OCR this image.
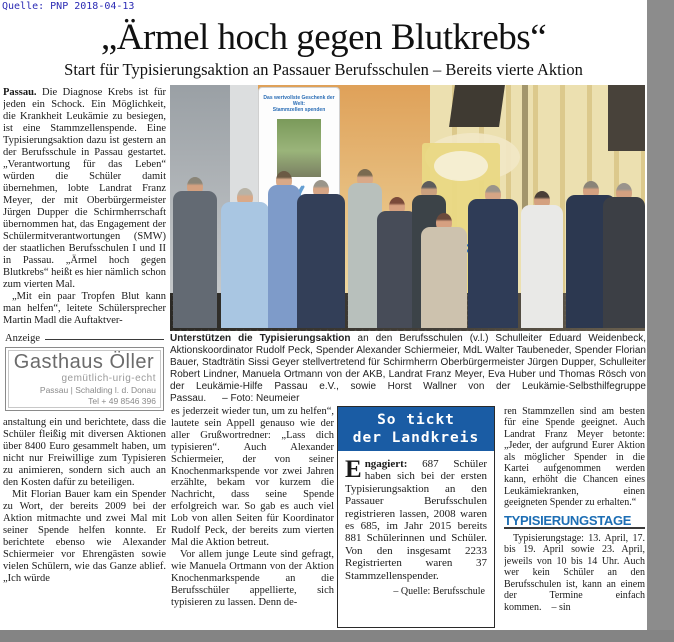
Quelle: PNP 2018-04-13
„Ärmel hoch gegen Blutkrebs“
Start für Typisierungsaktion an Passauer Berufsschulen – Bereits vierte Aktion

Passau. Die Diagnose Krebs ist für jeden ein Schock. Ein Möglichkeit, die Krankheit Leukämie zu besiegen, ist eine Stammzellenspende. Eine Typisierungsaktion dazu ist gestern an der Berufsschule in Passau gestartet. „Verantwortung für das Leben“ würden die Schüler damit übernehmen, lobte Landrat Franz Meyer, der mit Oberbürgermeister Jürgen Dupper die Schirmherrschaft übernommen hat, das Engagement der Schülermitverantwortungen (SMW) der staatlichen Berufsschulen I und II in Passau. „Ärmel hoch gegen Blutkrebs“ heißt es hier nämlich schon zum vierten Mal.

„Mit ein paar Tropfen Blut kann man helfen“, leitete Schülersprecher Martin Madl die Auftaktver-

Anzeige
Gasthaus Öller
gemütlich-urig-echt
Passau | Schalding l. d. Donau
Tel + 49 8546 396

anstaltung ein und berichtete, dass die Schüler fleißig mit diversen Aktionen über 8400 Euro gesammelt haben, um nicht nur Freiwillige zum Typisieren zu animieren, sondern sich auch an den Kosten dafür zu beteiligen.

Mit Florian Bauer kam ein Spender zu Wort, der bereits 2009 bei der Aktion mitmachte und zwei Mal mit seiner Spende helfen konnte. Er berichtete ebenso wie Alexander Schiermeier vor Ehrengästen sowie vielen Schülern, wie das Ganze ablief. „Ich würde

Das wertvollste Geschenk der Welt:
Stammzellen spenden
Unterstützen die Typisierungsaktion an den Berufsschulen (v.l.) Schulleiter Eduard Weidenbeck, Aktionskoordinator Rudolf Peck, Spender Alexander Schiermeier, MdL Walter Taubeneder, Spender Florian Bauer, Stadträtin Sissi Geyer stellvertretend für Schirmherrn Oberbürgermeister Jürgen Dupper, Schulleiter Robert Lindner, Manuela Ortmann von der AKB, Landrat Franz Meyer, Eva Huber und Thomas Rösch von der Leukämie-Hilfe Passau e.V., sowie Horst Wallner von der Leukämie-Selbsthilfegruppe Passau. – Foto: Neumeier

es jederzeit wieder tun, um zu helfen“, lautete sein Appell genauso wie der aller Grußwortredner: „Lass dich typisieren“. Auch Alexander Schiermeier, der von seiner Knochenmarkspende vor zwei Jahren erzählte, bekam vor kurzem die Nachricht, dass seine Spende erfolgreich war. So gab es auch viel Lob von allen Seiten für Koordinator Rudolf Peck, der bereits zum vierten Mal die Aktion betreut.

Vor allem junge Leute sind gefragt, wie Manuela Ortmann von der Aktion Knochenmarkspende an die Berufsschüler appellierte, sich typisieren zu lassen. Denn de-

So tickt
der Landkreis
Engagiert: 687 Schüler haben sich bei der ersten Typisierungsaktion an den Passauer Berufsschulen registrieren lassen, 2008 waren es 685, im Jahr 2015 bereits 881 Schülerinnen und Schüler. Von den insgesamt 2233 Registrierten waren 37 Stammzellenspender.
– Quelle: Berufsschule

ren Stammzellen sind am besten für eine Spende geeignet. Auch Landrat Franz Meyer betonte: „Jeder, der aufgrund Eurer Aktion als möglicher Spender in die Kartei aufgenommen werden kann, erhöht die Chancen eines Leukämiekranken, einen geeigneten Spender zu erhalten.“

TYPISIERUNGSTAGE

Typisierungstage: 13. April, 17. bis 19. April sowie 23. April, jeweils von 10 bis 14 Uhr. Auch wer kein Schüler an den Berufsschulen ist, kann an einem der Termine einfach kommen. – sin
